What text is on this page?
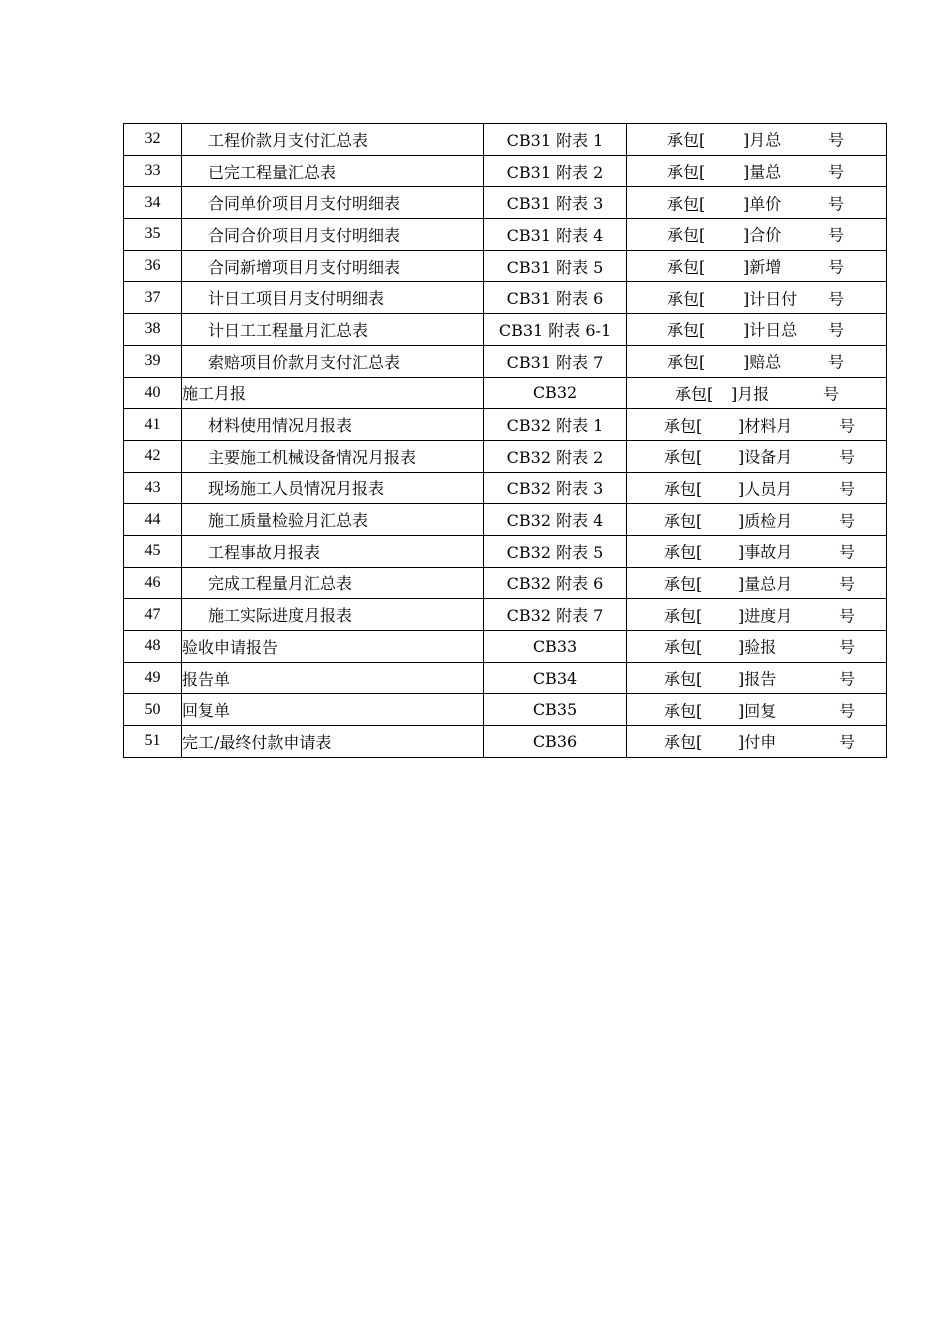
32	工程价款月支付汇总表	CB31 附表 1	承包[ ]月总 号

33	已完工程量汇总表	CB31 附表 2	承包[ ]量总 号

34	合同单价项目月支付明细表	CB31 附表 3	承包[ ]单价 号

35	合同合价项目月支付明细表	CB31 附表 4	承包[ ]合价 号

36	合同新增项目月支付明细表	CB31 附表 5	承包[ ]新增 号

37	计日工项目月支付明细表	CB31 附表 6	承包[ ]计日付 号

38	计日工工程量月汇总表	CB31 附表 6-1	承包[ ]计日总 号

39	索赔项目价款月支付汇总表	CB31 附表 7	承包[ ]赔总 号

40	施工月报	CB32	承包[ ]月报 号

41	材料使用情况月报表	CB32 附表 1	承包[ ]材料月 号

42	主要施工机械设备情况月报表	CB32 附表 2	承包[ ]设备月 号

43	现场施工人员情况月报表	CB32 附表 3	承包[ ]人员月 号

44	施工质量检验月汇总表	CB32 附表 4	承包[ ]质检月 号

45	工程事故月报表	CB32 附表 5	承包[ ]事故月 号

46	完成工程量月汇总表	CB32 附表 6	承包[ ]量总月 号

47	施工实际进度月报表	CB32 附表 7	承包[ ]进度月 号

48	验收申请报告	CB33	承包[ ]验报 号

49	报告单	CB34	承包[ ]报告 号

50	回复单	CB35	承包[ ]回复 号

51	完工/最终付款申请表	CB36	承包[ ]付申 号
